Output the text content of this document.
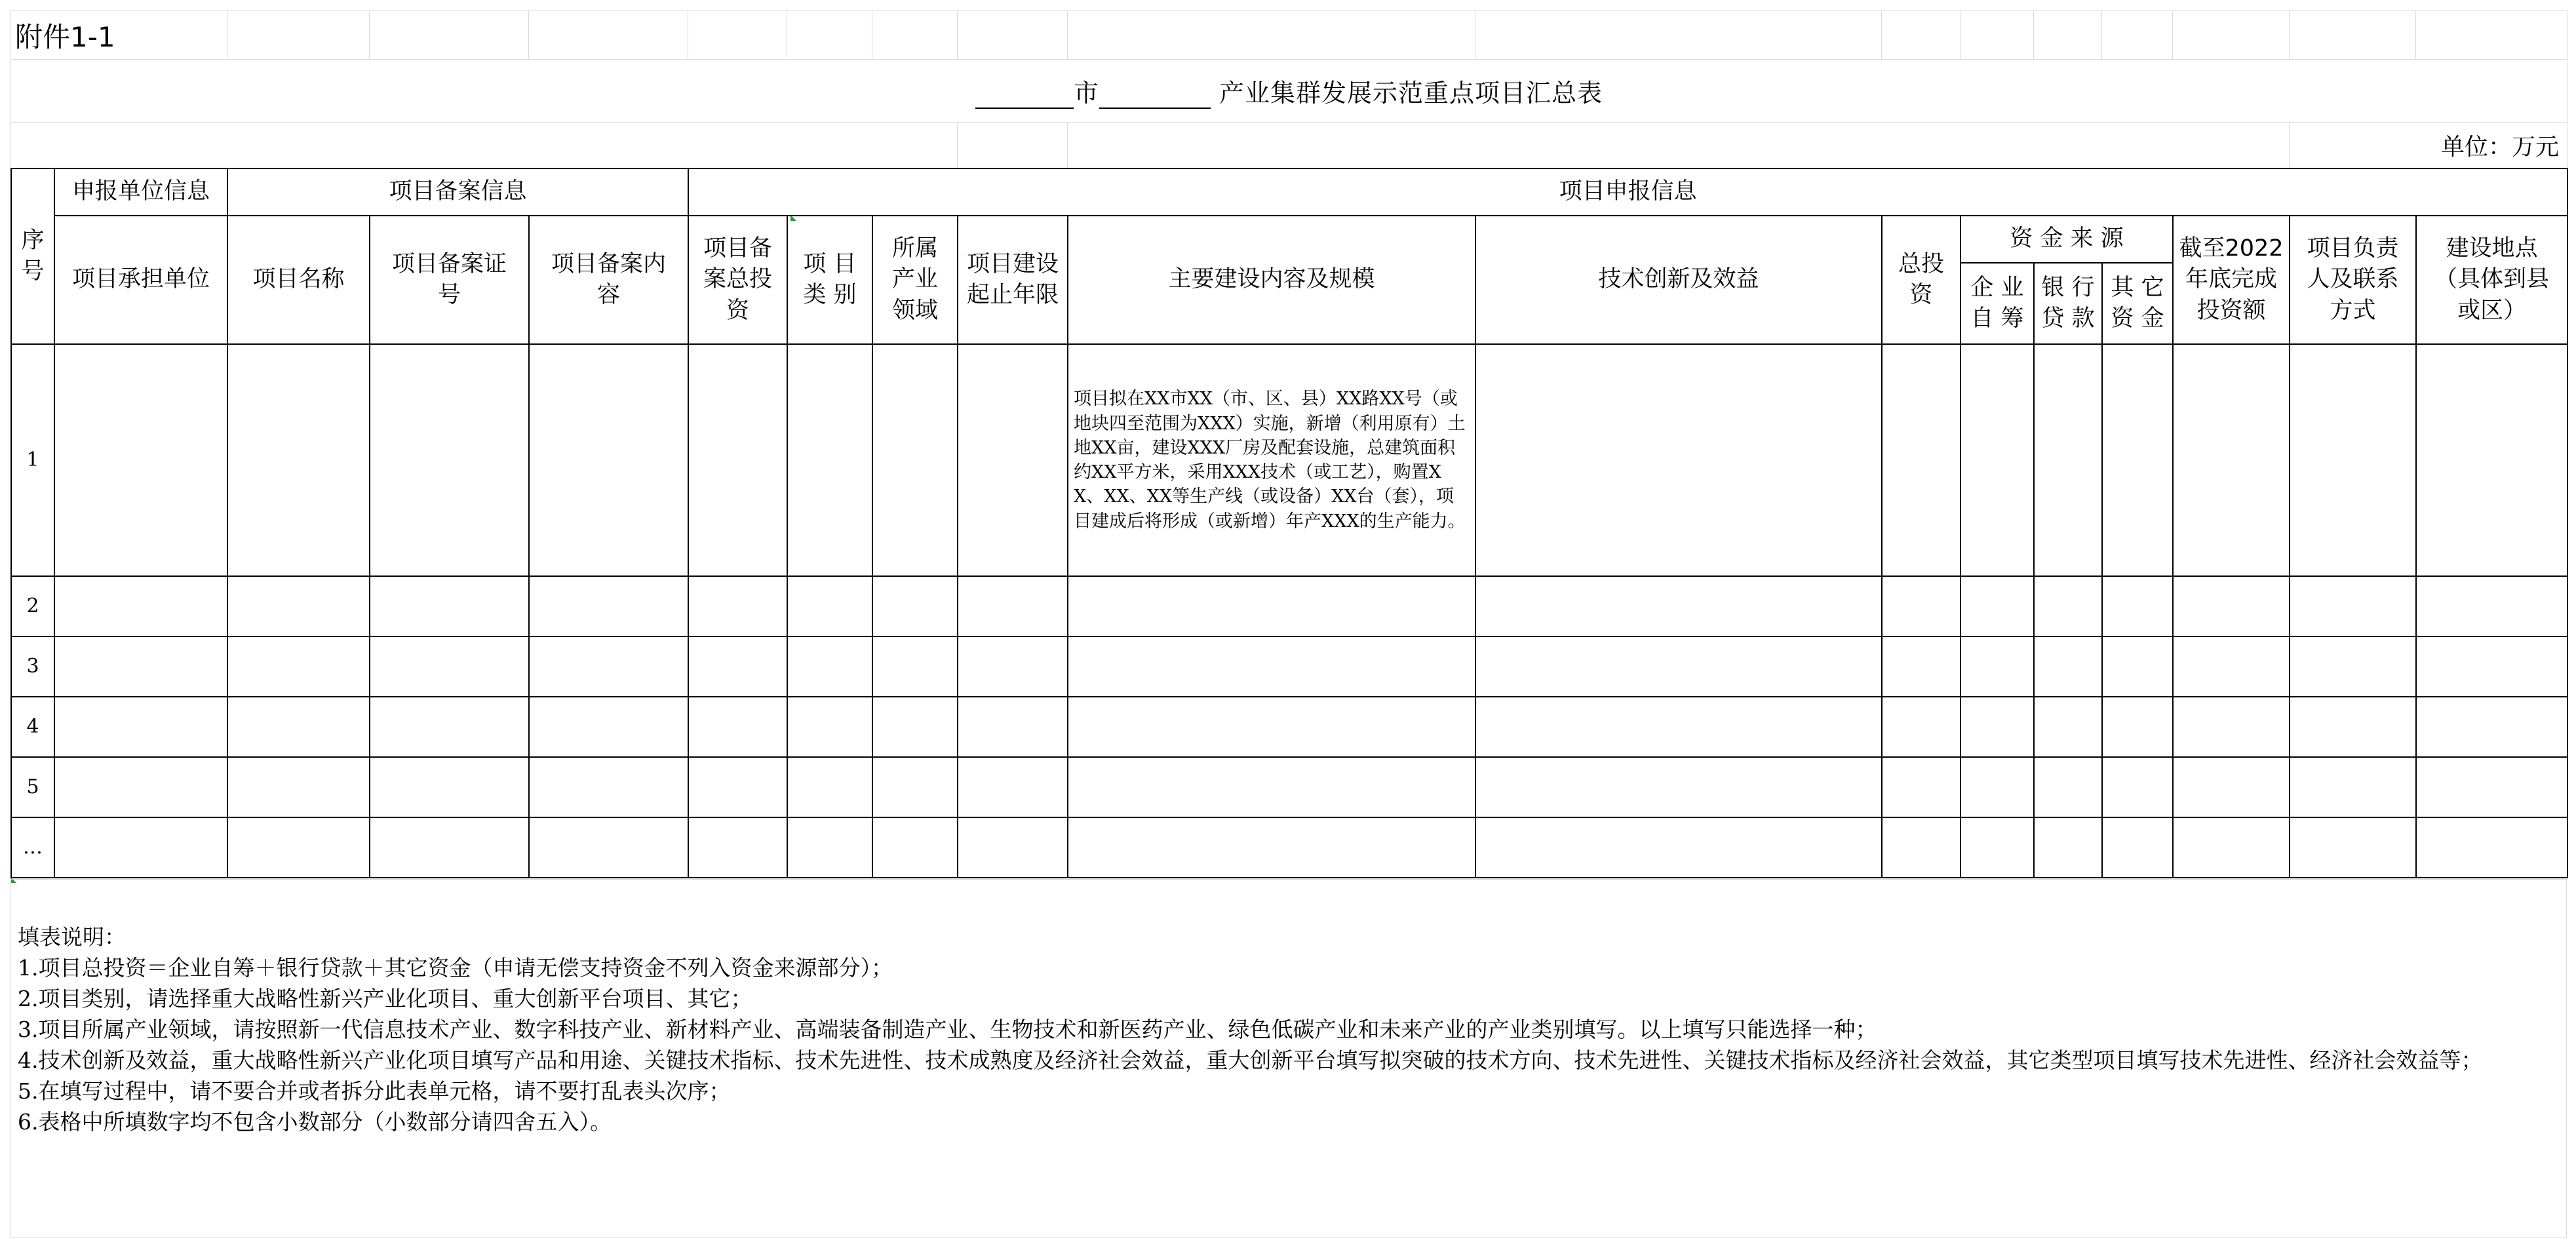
附件1-1																
市 产业集群发展示范重点项目汇总表																
															单位：万元	
序号	申报单位信息	项目备案信息			项目申报信息												
	项目承担单位	项目名称	项目备案证号	项目备案内容	项目备案总投资	项 目 类 别	所属产业领域	项目建设起止年限	主要建设内容及规模	技术创新及效益	总投资	资 金 来 源			截至2022年底完成投资额	项目负责人及联系方式	建设地点（具体到县或区）
												企 业 自 筹	银 行 贷 款	其 它 资 金			
1									项目拟在XX市XX（市、区、县）XX路XX号（或地块四至范围为XXX）实施，新增（利用原有）土地XX亩，建设XXX厂房及配套设施，总建筑面积约XX平方米，采用XXX技术（或工艺），购置XX、XX、XX等生产线（或设备）XX台（套），项目建成后将形成（或新增）年产XXX的生产能力。								
2																	
3																	
4																	
5																	
…																	
填表说明：
1.项目总投资＝企业自筹＋银行贷款＋其它资金（申请无偿支持资金不列入资金来源部分）；
2.项目类别，请选择重大战略性新兴产业化项目、重大创新平台项目、其它；
3.项目所属产业领域，请按照新一代信息技术产业、数字科技产业、新材料产业、高端装备制造产业、生物技术和新医药产业、绿色低碳产业和未来产业的产业类别填写。以上填写只能选择一种；
4.技术创新及效益，重大战略性新兴产业化项目填写产品和用途、关键技术指标、技术先进性、技术成熟度及经济社会效益，重大创新平台填写拟突破的技术方向、技术先进性、关键技术指标及经济社会效益，其它类型项目填写技术先进性、经济社会效益等；
5.在填写过程中，请不要合并或者拆分此表单元格，请不要打乱表头次序；
6.表格中所填数字均不包含小数部分（小数部分请四舍五入）。
